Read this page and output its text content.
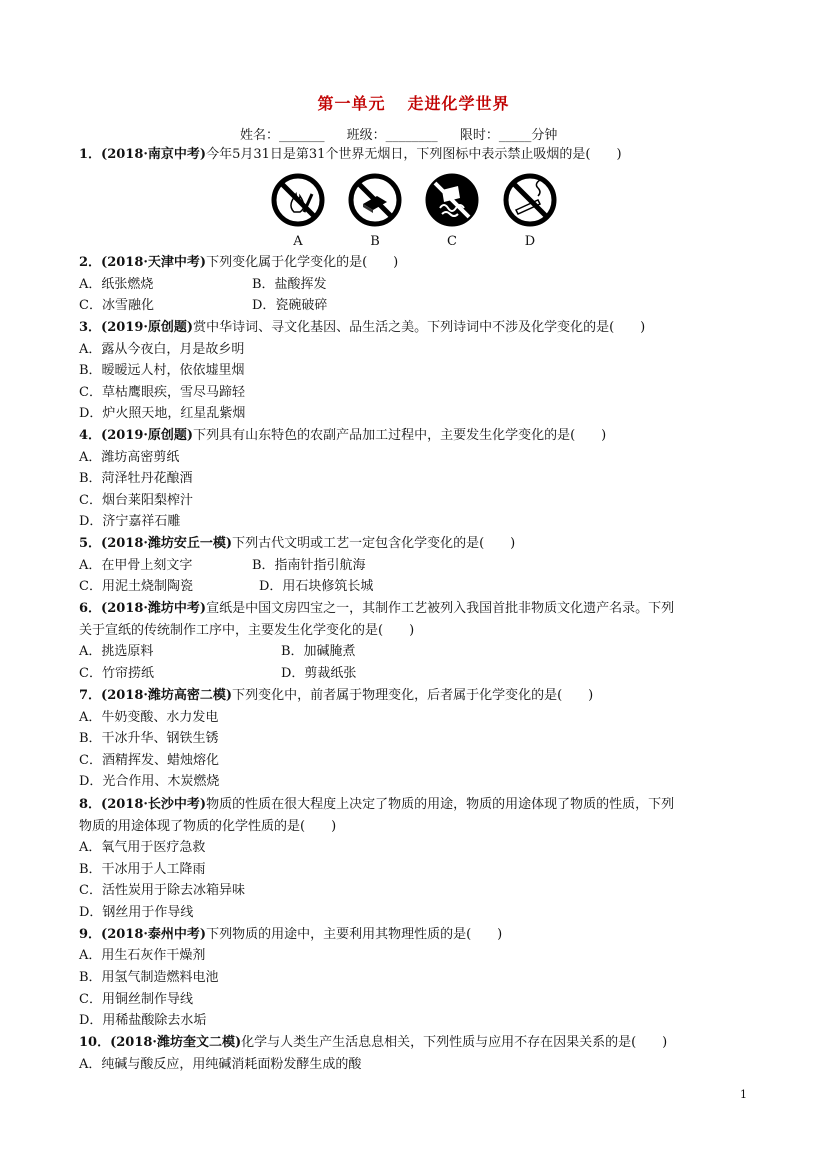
第一单元 走进化学世界
姓名：_______ 班级：________ 限时：_____分钟
1．(2018·南京中考)今年5月31日是第31个世界无烟日，下列图标中表示禁止吸烟的是(　　)
A	B	C	D
2．(2018·天津中考)下列变化属于化学变化的是(　　)
A．纸张燃烧	B．盐酸挥发
C．冰雪融化	D．瓷碗破碎
3．(2019·原创题)赏中华诗词、寻文化基因、品生活之美。下列诗词中不涉及化学变化的是(　　)
A．露从今夜白，月是故乡明
B．暧暧远人村，依依墟里烟
C．草枯鹰眼疾，雪尽马蹄轻
D．炉火照天地，红星乱紫烟
4．(2019·原创题)下列具有山东特色的农副产品加工过程中，主要发生化学变化的是(　　)
A．潍坊高密剪纸
B．菏泽牡丹花酿酒
C．烟台莱阳梨榨汁
D．济宁嘉祥石雕
5．(2018·潍坊安丘一模)下列古代文明或工艺一定包含化学变化的是(　　)
A．在甲骨上刻文字	B．指南针指引航海
C．用泥土烧制陶瓷	D．用石块修筑长城
6．(2018·潍坊中考)宣纸是中国文房四宝之一，其制作工艺被列入我国首批非物质文化遗产名录。下列
关于宣纸的传统制作工序中，主要发生化学变化的是(　　)
A．挑选原料	B．加碱腌煮
C．竹帘捞纸	D．剪裁纸张
7．(2018·潍坊高密二模)下列变化中，前者属于物理变化，后者属于化学变化的是(　　)
A．牛奶变酸、水力发电
B．干冰升华、钢铁生锈
C．酒精挥发、蜡烛熔化
D．光合作用、木炭燃烧
8．(2018·长沙中考)物质的性质在很大程度上决定了物质的用途，物质的用途体现了物质的性质，下列
物质的用途体现了物质的化学性质的是(　　)
A．氧气用于医疗急救
B．干冰用于人工降雨
C．活性炭用于除去冰箱异味
D．钢丝用于作导线
9．(2018·泰州中考)下列物质的用途中，主要利用其物理性质的是(　　)
A．用生石灰作干燥剂
B．用氢气制造燃料电池
C．用铜丝制作导线
D．用稀盐酸除去水垢
10．(2018·潍坊奎文二模)化学与人类生产生活息息相关，下列性质与应用不存在因果关系的是(　　)
A．纯碱与酸反应，用纯碱消耗面粉发酵生成的酸
1
